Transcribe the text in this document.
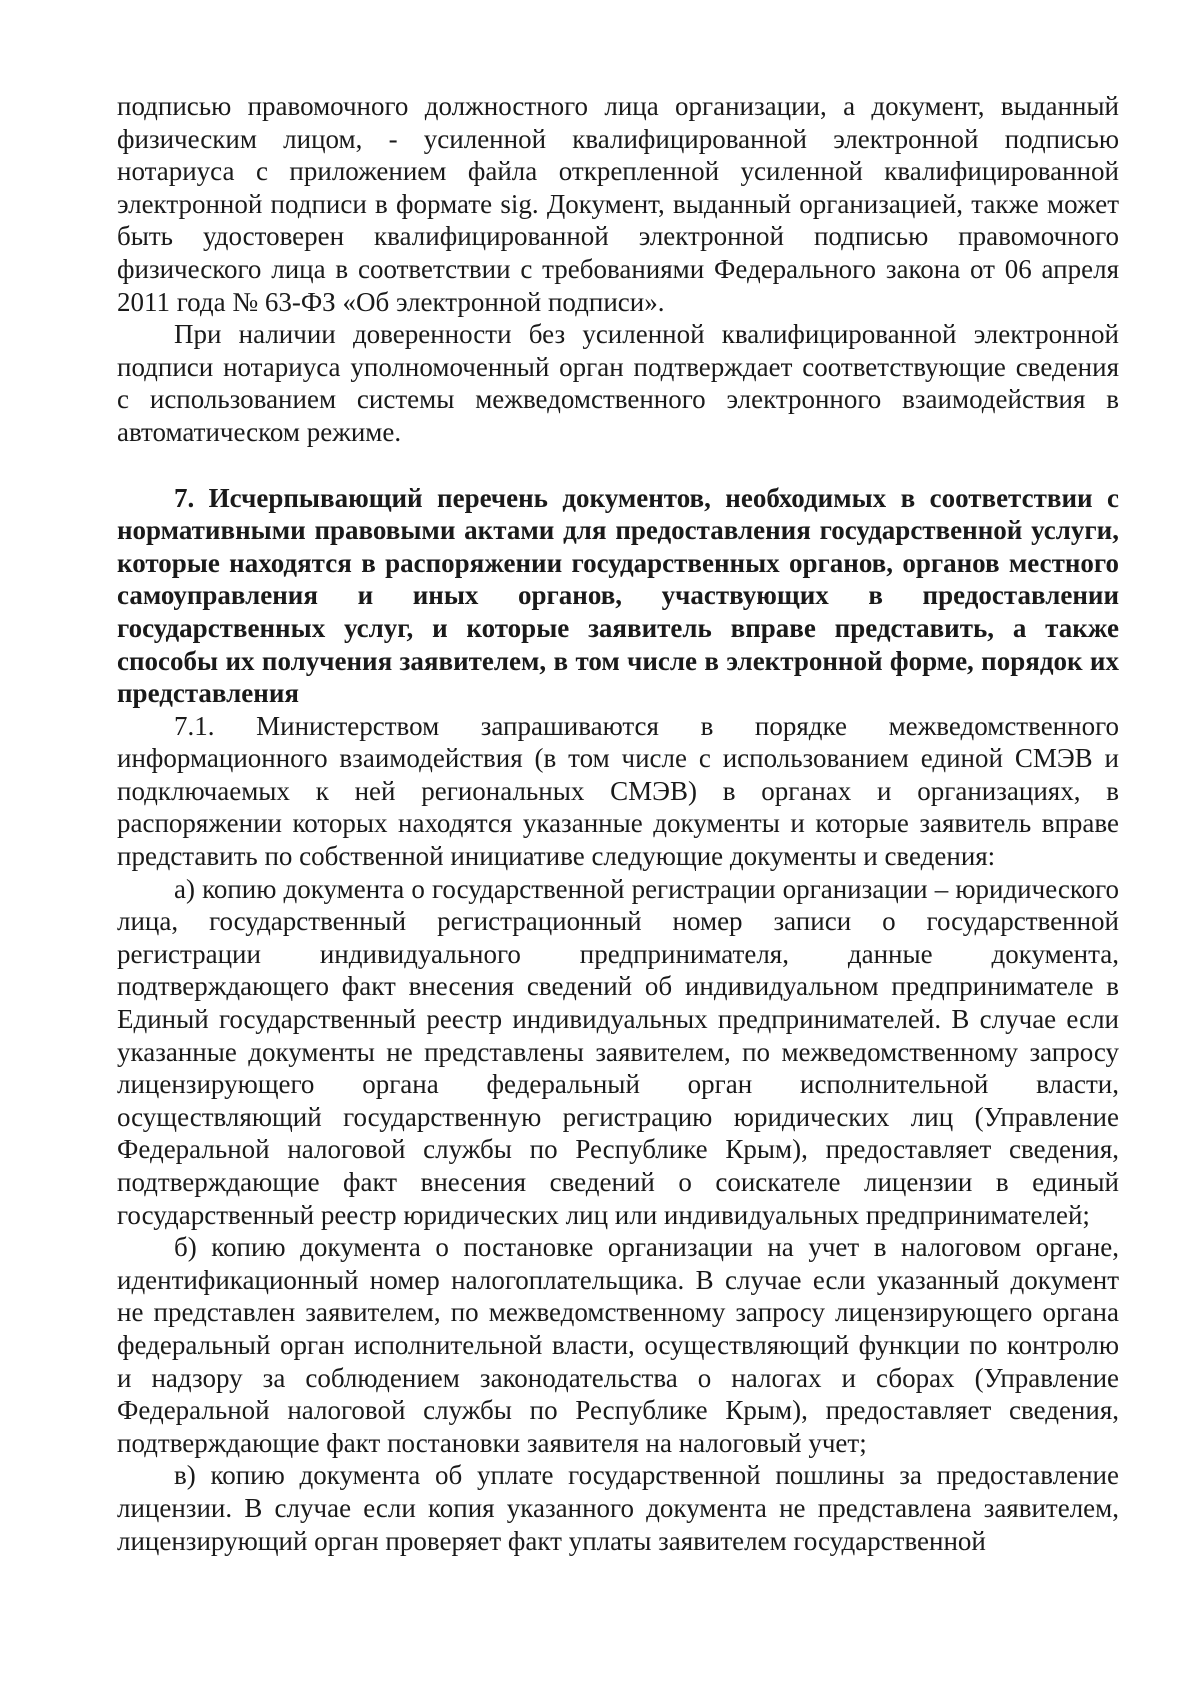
подписью правомочного должностного лица организации, а документ, выданный физическим лицом, - усиленной квалифицированной электронной подписью нотариуса с приложением файла открепленной усиленной квалифицированной электронной подписи в формате sig. Документ, выданный организацией, также может быть удостоверен квалифицированной электронной подписью правомочного физического лица в соответствии с требованиями Федерального закона от 06 апреля 2011 года № 63-ФЗ «Об электронной подписи».

При наличии доверенности без усиленной квалифицированной электронной подписи нотариуса уполномоченный орган подтверждает соответствующие сведения с использованием системы межведомственного электронного взаимодействия в автоматическом режиме.

7. Исчерпывающий перечень документов, необходимых в соответствии с нормативными правовыми актами для предоставления государственной услуги, которые находятся в распоряжении государственных органов, органов местного самоуправления и иных органов, участвующих в предоставлении государственных услуг, и которые заявитель вправе представить, а также способы их получения заявителем, в том числе в электронной форме, порядок их представления

7.1. Министерством запрашиваются в порядке межведомственного информационного взаимодействия (в том числе с использованием единой СМЭВ и подключаемых к ней региональных СМЭВ) в органах и организациях, в распоряжении которых находятся указанные документы и которые заявитель вправе представить по собственной инициативе следующие документы и сведения:

а) копию документа о государственной регистрации организации – юридического лица, государственный регистрационный номер записи о государственной регистрации индивидуального предпринимателя, данные документа, подтверждающего факт внесения сведений об индивидуальном предпринимателе в Единый государственный реестр индивидуальных предпринимателей. В случае если указанные документы не представлены заявителем, по межведомственному запросу лицензирующего органа федеральный орган исполнительной власти, осуществляющий государственную регистрацию юридических лиц (Управление Федеральной налоговой службы по Республике Крым), предоставляет сведения, подтверждающие факт внесения сведений о соискателе лицензии в единый государственный реестр юридических лиц или индивидуальных предпринимателей;

б) копию документа о постановке организации на учет в налоговом органе, идентификационный номер налогоплательщика. В случае если указанный документ не представлен заявителем, по межведомственному запросу лицензирующего органа федеральный орган исполнительной власти, осуществляющий функции по контролю и надзору за соблюдением законодательства о налогах и сборах (Управление Федеральной налоговой службы по Республике Крым), предоставляет сведения, подтверждающие факт постановки заявителя на налоговый учет;

в) копию документа об уплате государственной пошлины за предоставление лицензии. В случае если копия указанного документа не представлена заявителем, лицензирующий орган проверяет факт уплаты заявителем государственной
